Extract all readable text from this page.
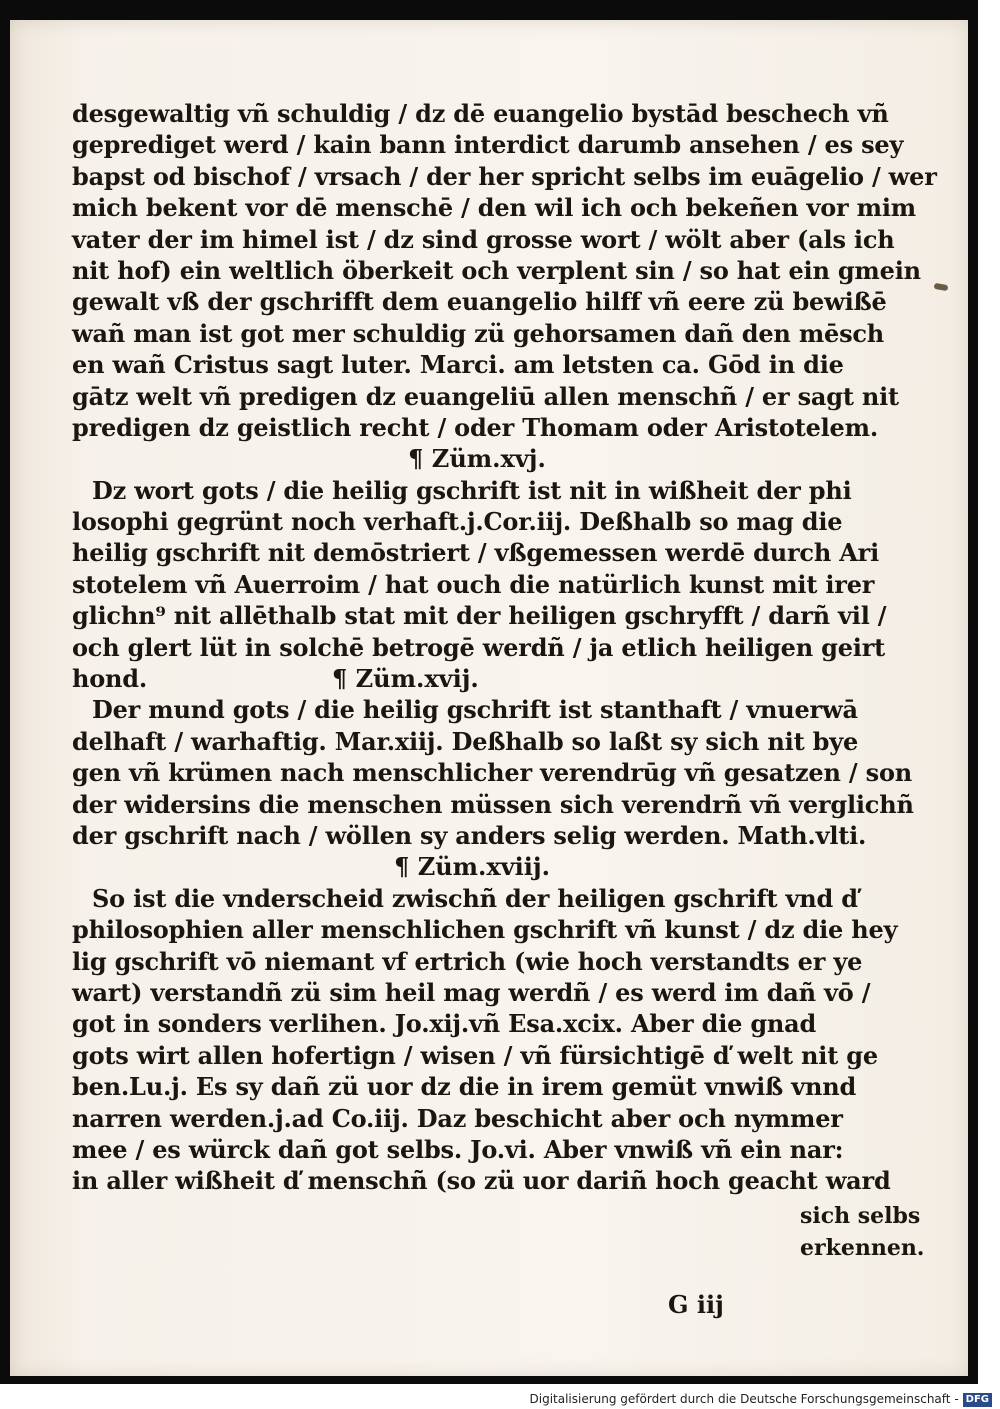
desgewaltig vñ schuldig / dz dē euangelio bystād beschech vñ
geprediget werd / kain bann interdict darumb ansehen / es sey
bapst od bischof / vrsach / der her spricht selbs im euāgelio / wer
mich bekent vor dē menschē / den wil ich och bekeñen vor mim
vater der im himel ist / dz sind grosse wort / wölt aber (als ich
nit hof) ein weltlich öberkeit och verplent sin / so hat ein gmein
gewalt vß der gschrifft dem euangelio hilff vñ eere zü bewißē
wañ man ist got mer schuldig zü gehorsamen dañ den mēsch
en wañ Cristus sagt luter. Marci. am letsten ca. Gōd in die
gātz welt vñ predigen dz euangeliū allen menschñ / er sagt nit
predigen dz geistlich recht / oder Thomam oder Aristotelem.
¶ Züm.xvj.
Dz wort gots / die heilig gschrift ist nit in wißheit der phi
losophi gegrünt noch verhaft.j.Cor.iij. Deßhalb so mag die
heilig gschrift nit demōstriert / vßgemessen werdē durch Ari
stotelem vñ Auerroim / hat ouch die natürlich kunst mit irer
glichn⁹ nit allēthalb stat mit der heiligen gschryfft / darñ vil /
och glert lüt in solchē betrogē werdñ / ja etlich heiligen geirt
hond.	¶ Züm.xvij.
Der mund gots / die heilig gschrift ist stanthaft / vnuerwā
delhaft / warhaftig. Mar.xiij. Deßhalb so laßt sy sich nit bye
gen vñ krümen nach menschlicher verendrūg vñ gesatzen / son
der widersins die menschen müssen sich verendrñ vñ verglichñ
der gschrift nach / wöllen sy anders selig werden. Math.vlti.
¶ Züm.xviij.
So ist die vnderscheid zwischñ der heiligen gschrift vnd ď
philosophien aller menschlichen gschrift vñ kunst / dz die hey
lig gschrift vō niemant vf ertrich (wie hoch verstandts er ye
wart) verstandñ zü sim heil mag werdñ / es werd im dañ vō /
got in sonders verlihen. Jo.xij.vñ Esa.xcix. Aber die gnad
gots wirt allen hofertign / wisen / vñ fürsichtigē ď welt nit ge
ben.Lu.j. Es sy dañ zü uor dz die in irem gemüt vnwiß vnnd
narren werden.j.ad Co.iij. Daz beschicht aber och nymmer
mee / es würck dañ got selbs. Jo.vi. Aber vnwiß vñ ein nar:
in aller wißheit ď menschñ (so zü uor dariñ hoch geacht ward
sich selbs
erkennen.
G iij
Digitalisierung gefördert durch die Deutsche Forschungsgemeinschaft - DFG
